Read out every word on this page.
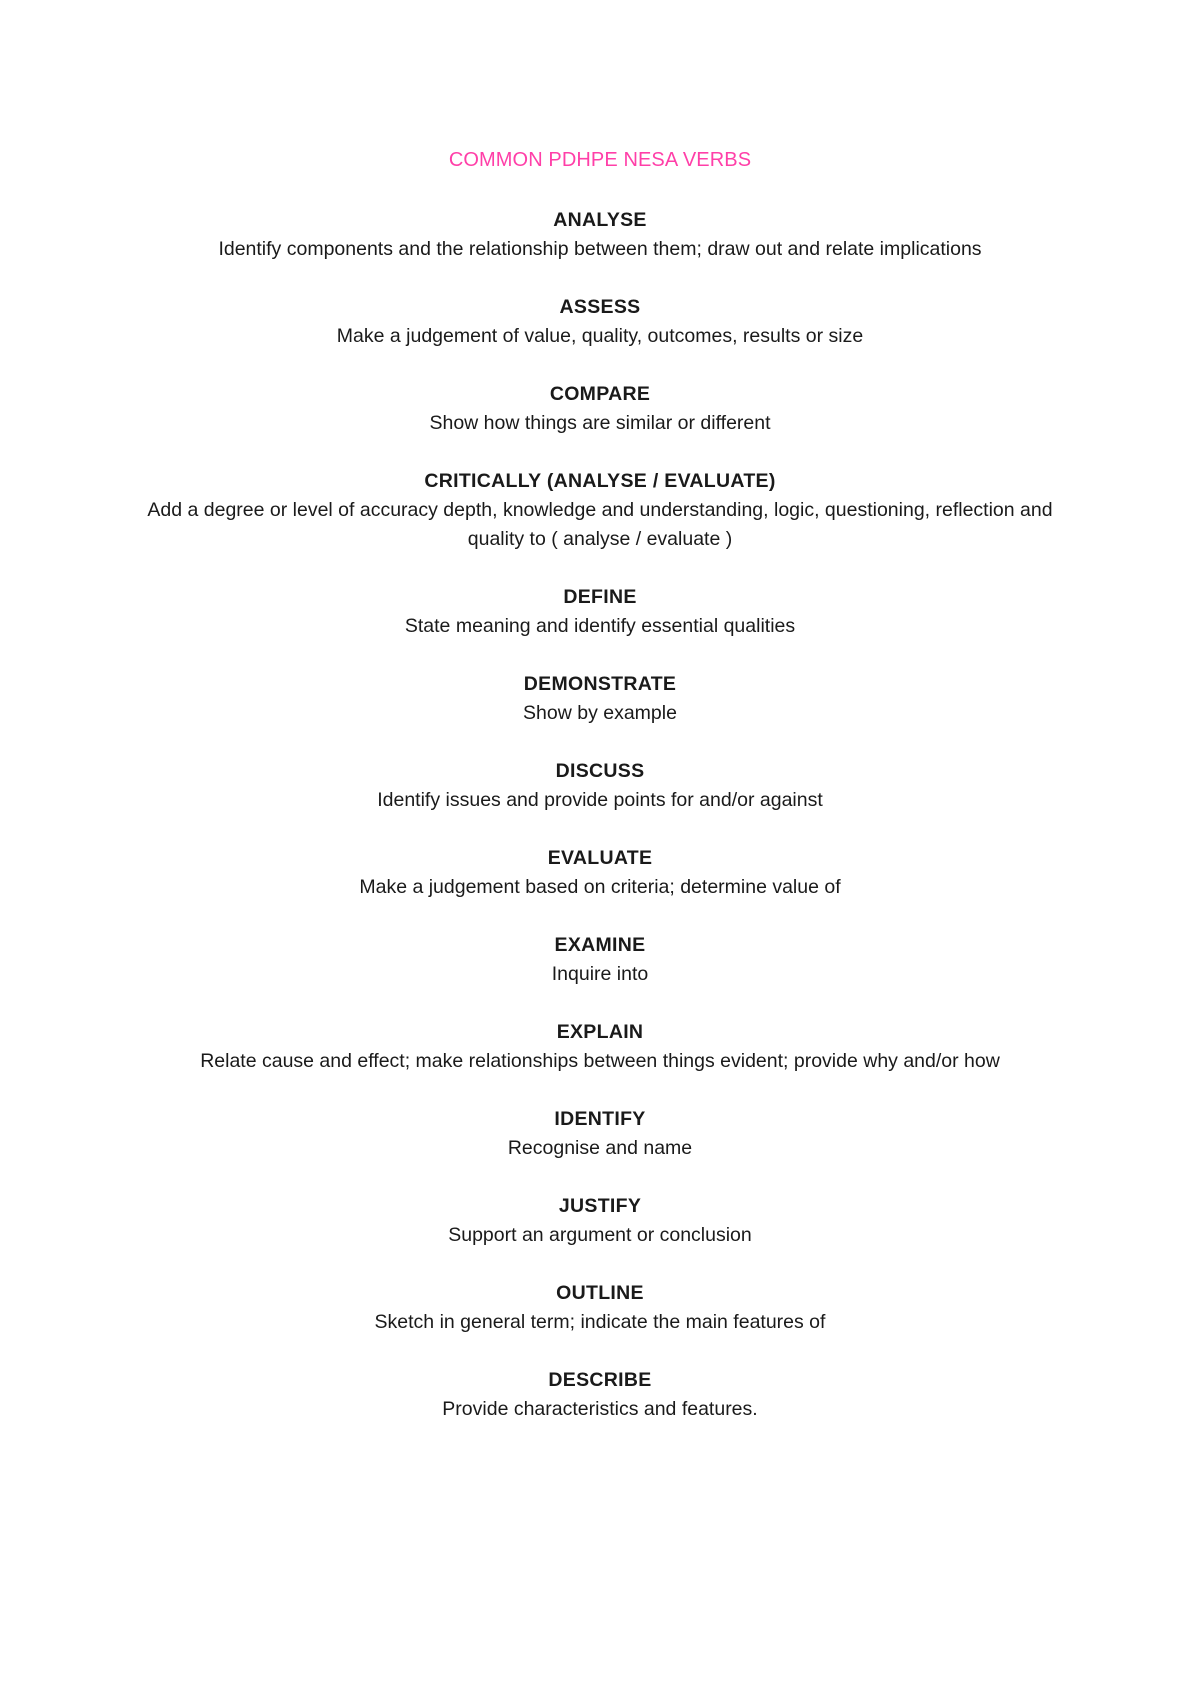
COMMON PDHPE NESA VERBS
ANALYSE
Identify components and the relationship between them; draw out and relate implications
ASSESS
Make a judgement of value, quality, outcomes, results or size
COMPARE
Show how things are similar or different
CRITICALLY (ANALYSE / EVALUATE)
Add a degree or level of accuracy depth, knowledge and understanding, logic, questioning, reflection and quality to ( analyse / evaluate )
DEFINE
State meaning and identify essential qualities
DEMONSTRATE
Show by example
DISCUSS
Identify issues and provide points for and/or against
EVALUATE
Make a judgement based on criteria; determine value of
EXAMINE
Inquire into
EXPLAIN
Relate cause and effect; make relationships between things evident; provide why and/or how
IDENTIFY
Recognise and name
JUSTIFY
Support an argument or conclusion
OUTLINE
Sketch in general term; indicate the main features of
DESCRIBE
Provide characteristics and features.
